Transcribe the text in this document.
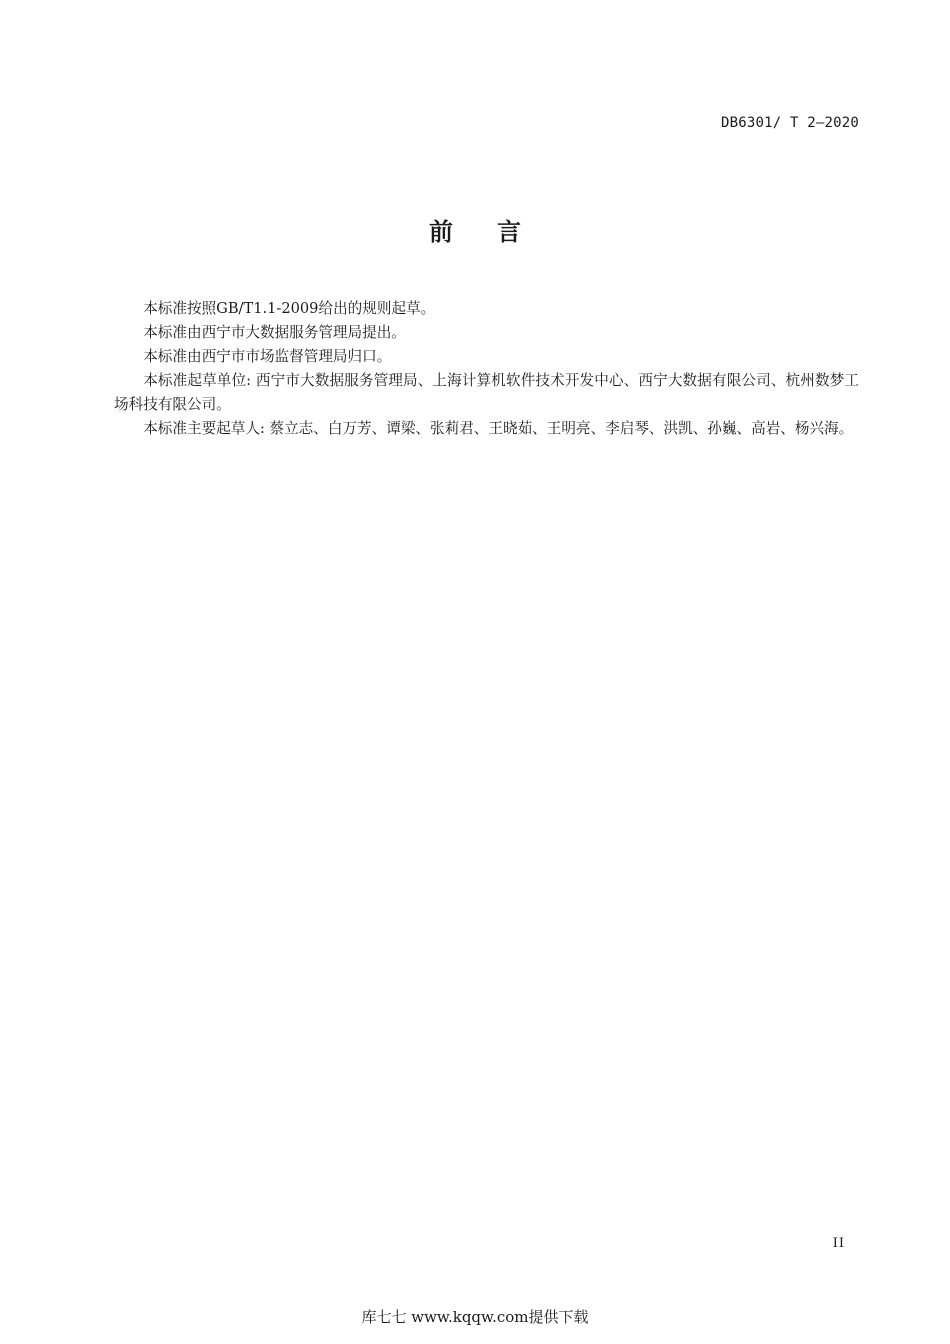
DB6301/ T 2—2020
前言

本标准按照GB/T1.1-2009给出的规则起草。

本标准由西宁市大数据服务管理局提出。

本标准由西宁市市场监督管理局归口。

本标准起草单位: 西宁市大数据服务管理局、上海计算机软件技术开发中心、西宁大数据有限公司、杭州数梦工场科技有限公司。

本标准主要起草人: 蔡立志、白万芳、谭梁、张莉君、王晓茹、王明亮、李启琴、洪凯、孙巍、高岩、杨兴海。

II
库七七 www.kqqw.com提供下载
